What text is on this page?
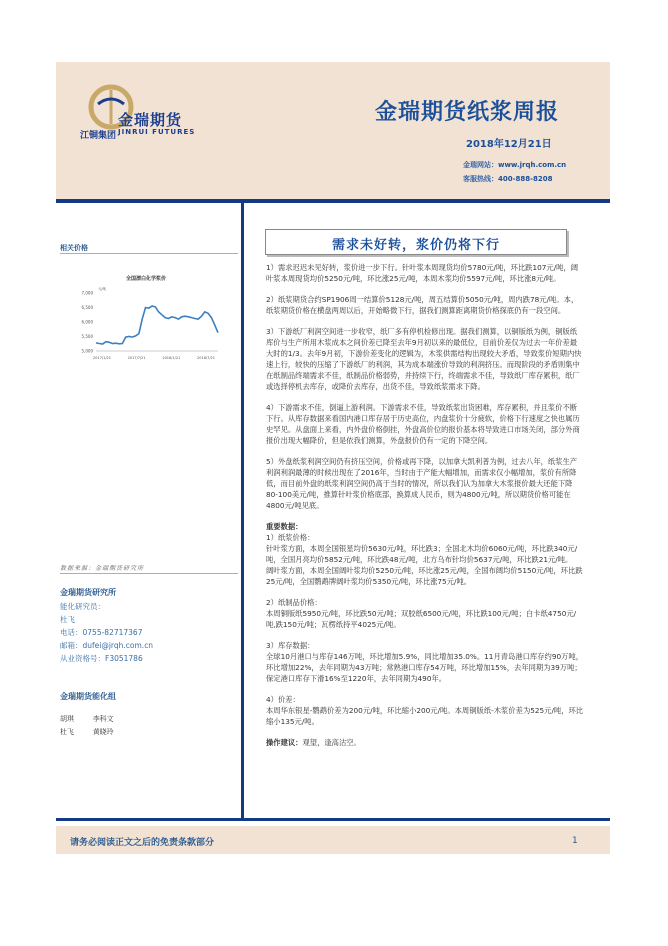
金瑞期货
JINRUI FUTURES
江铜集团
金瑞期货纸浆周报
2018年12月21日
金瑞网站：www.jrqh.com.cn
客服热线：400-888-8208
相关价格
全国漂白化学浆价
元/吨
7,000
6,500
6,000
5,500
5,000
2017/1/21	2017/7/21	2018/1/21	2018/7/21
数据来源：金瑞期货研究所
金瑞期货研究所
能化研究员：
杜飞
电话：0755-82717367
邮箱：dufei@jrqh.com.cn
从业资格号：F3051786
金瑞期货能化组
胡琪	李科文
杜飞	黄晓玲
需求未好转，浆价仍将下行

1）需求迟迟未见好转，浆价进一步下行。针叶浆本周现货均价5780元/吨，环比跌107元/吨，阔叶浆本周现货均价5250元/吨，环比涨25元/吨，本周木浆均价5597元/吨，环比涨8元/吨。

2）纸浆期货合约SP1906周一结算价5128元/吨，周五结算价5050元/吨，周内跌78元/吨。本，纸浆期货价格在横盘两周以后，开始略微下行，据我们测算距离期货价格探底仍有一段空间。

3）下游纸厂利润空间进一步收窄，纸厂多有停机检修出现。据我们测算，以铜版纸为例，铜版纸库价与生产所用木浆成本之间价差已降至去年9月初以来的最低位，目前价差仅为过去一年价差最大时的1/3。去年9月初，下游价差变化的逻辑为，木浆供需结构出现较大矛盾，导致浆价短期内快速上行，较快的压缩了下游纸厂的利润，其为成本端涨价导致的利润挤压。而现阶段的矛盾则集中在纸制品终端需求不佳，纸制品价格弱势，并持续下行，终端需求不佳，导致纸厂库存累积，纸厂或选择停机去库存，或降价去库存，出货不佳，导致纸浆需求下降。

4）下游需求不佳，倒逼上游利润。下游需求不佳，导致纸浆出货困难，库存累积，并且浆价不断下行。从库存数据来看国内港口库存居于历史高位，内盘浆价十分疲软，价格下行速度之快也属历史罕见。从盘面上来看，内外盘价格倒挂，外盘高价位的报价基本将导致进口市场关闭，部分外商报价出现大幅降价，但是依我们测算，外盘报价仍有一定的下降空间。

5）外盘纸浆利润空间仍有挤压空间，价格或再下降，以加拿大凯利普为例，过去八年，纸浆生产利润利润最薄的时候出现在了2016年，当时由于产能大幅增加，而需求仅小幅增加，浆价有所降低，而目前外盘的纸浆利润空间仍高于当时的情况，所以我们认为加拿大木浆报价最大还能下降80-100美元/吨，推算针叶浆价格底部，换算成人民币，则为4800元/吨，所以期货价格可能在4800元/吨见底。

重要数据：

1）纸浆价格：

针叶浆方面，本周全国银星均价5630元/吨，环比跌3；全国北木均价6060元/吨，环比跌340元/吨，全国月亮均价5852元/吨，环比跌48元/吨，北方乌布针均价5637元/吨，环比跌21元/吨。

阔叶浆方面，本周全国阔叶浆均价5250元/吨，环比涨25元/吨，全国布阔均价5150元/吨，环比跌25元/吨，全国鹦鹉牌阔叶浆均价5350元/吨，环比涨75元/吨。

2）纸制品价格：

本周铜版纸5950元/吨，环比跌50元/吨；双胶纸6500元/吨，环比跌100元/吨；白卡纸4750元/吨,跌150元/吨；瓦楞纸持平4025元/吨。

3）库存数据：

全球10月港口与库存146万吨，环比增加5.9%，同比增加35.0%。11月青岛港口库存约90万吨，环比增加22%，去年同期为43万吨；常熟港口库存54万吨，环比增加15%，去年同期为39万吨；保定港口库存下滑16%至1220年，去年同期为490年。

4）价差：

本周华东银星-鹦鹉价差为200元/吨，环比缩小200元/吨。本周铜版纸-木浆价差为525元/吨，环比缩小135元/吨。

操作建议：观望，逢高沽空。

请务必阅读正文之后的免责条款部分	1
